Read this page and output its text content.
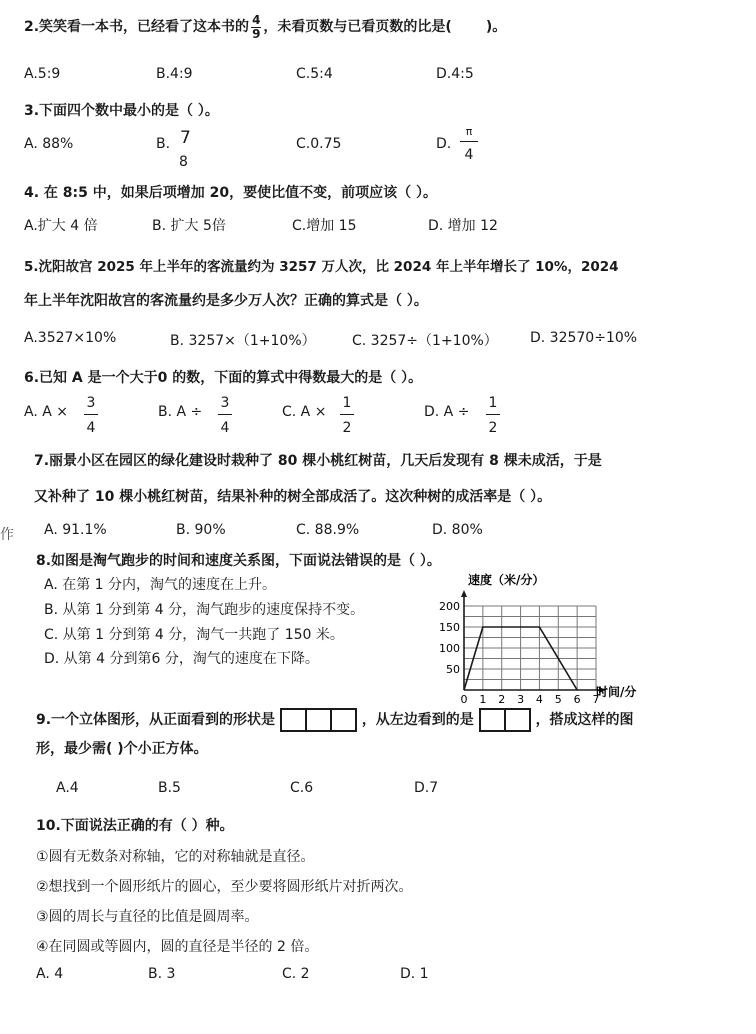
2.笑笑看一本书，已经看了这本书的 $\frac{4}{9}$ ，未看页数与已看页数的比是( )。
A.5:9	B.4:9	C.5:4	D.4:5
3.下面四个数中最小的是（ ）。
A. 88%	B. 7
8
C.0.75	D.
π
4
4. 在 8:5 中，如果后项增加 20，要使比值不变，前项应该（ ）。
A.扩大 4 倍	B. 扩大 5倍	C.增加 15	D. 增加 12
5.沈阳故宫 2025 年上半年的客流量约为 3257 万人次，比 2024 年上半年增长了 10%，2024
年上半年沈阳故宫的客流量约是多少万人次？正确的算式是（ ）。
A.3527×10%	B. 3257×（1+10%）	C. 3257÷（1+10%） D. 32570÷10%
6.已知 A 是一个大于0 的数，下面的算式中得数最大的是（ ）。
A. $A \times \frac{3}{4}$	B. $A \div \frac{3}{4}$	C. $A \times \frac{1}{2}$	D. $A \div \frac{1}{2}$
7.丽景小区在园区的绿化建设时栽种了 80 棵小桃红树苗，几天后发现有 8 棵未成活，于是
又补种了 10 棵小桃红树苗，结果补种的树全部成活了。这次种树的成活率是（ ）。
作 A. 91.1%	B. 90%	C. 88.9%	D. 80%
8.如图是淘气跑步的时间和速度关系图，下面说法错误的是（ ）。
A. 在第 1 分内，淘气的速度在上升。
B. 从第 1 分到第 4 分，淘气跑步的速度保持不变。
C. 从第 1 分到第 4 分，淘气一共跑了 150 米。
D. 从第 4 分到第6 分，淘气的速度在下降。
0 1 2 3 4 5 6 7
50
100
150
200
速度（米/分）
时间/分
9.一个立体图形，从正面看到的形状是	，从左边看到的是	，搭成这样的图
形，最少需( )个小正方体。
A.4	B.5	C.6	D.7
10.下面说法正确的有（ ）种。
①圆有无数条对称轴，它的对称轴就是直径。
②想找到一个圆形纸片的圆心，至少要将圆形纸片对折两次。
③圆的周长与直径的比值是圆周率。
④在同圆或等圆内，圆的直径是半径的 2 倍。
A. 4	B. 3	C. 2	D. 1
